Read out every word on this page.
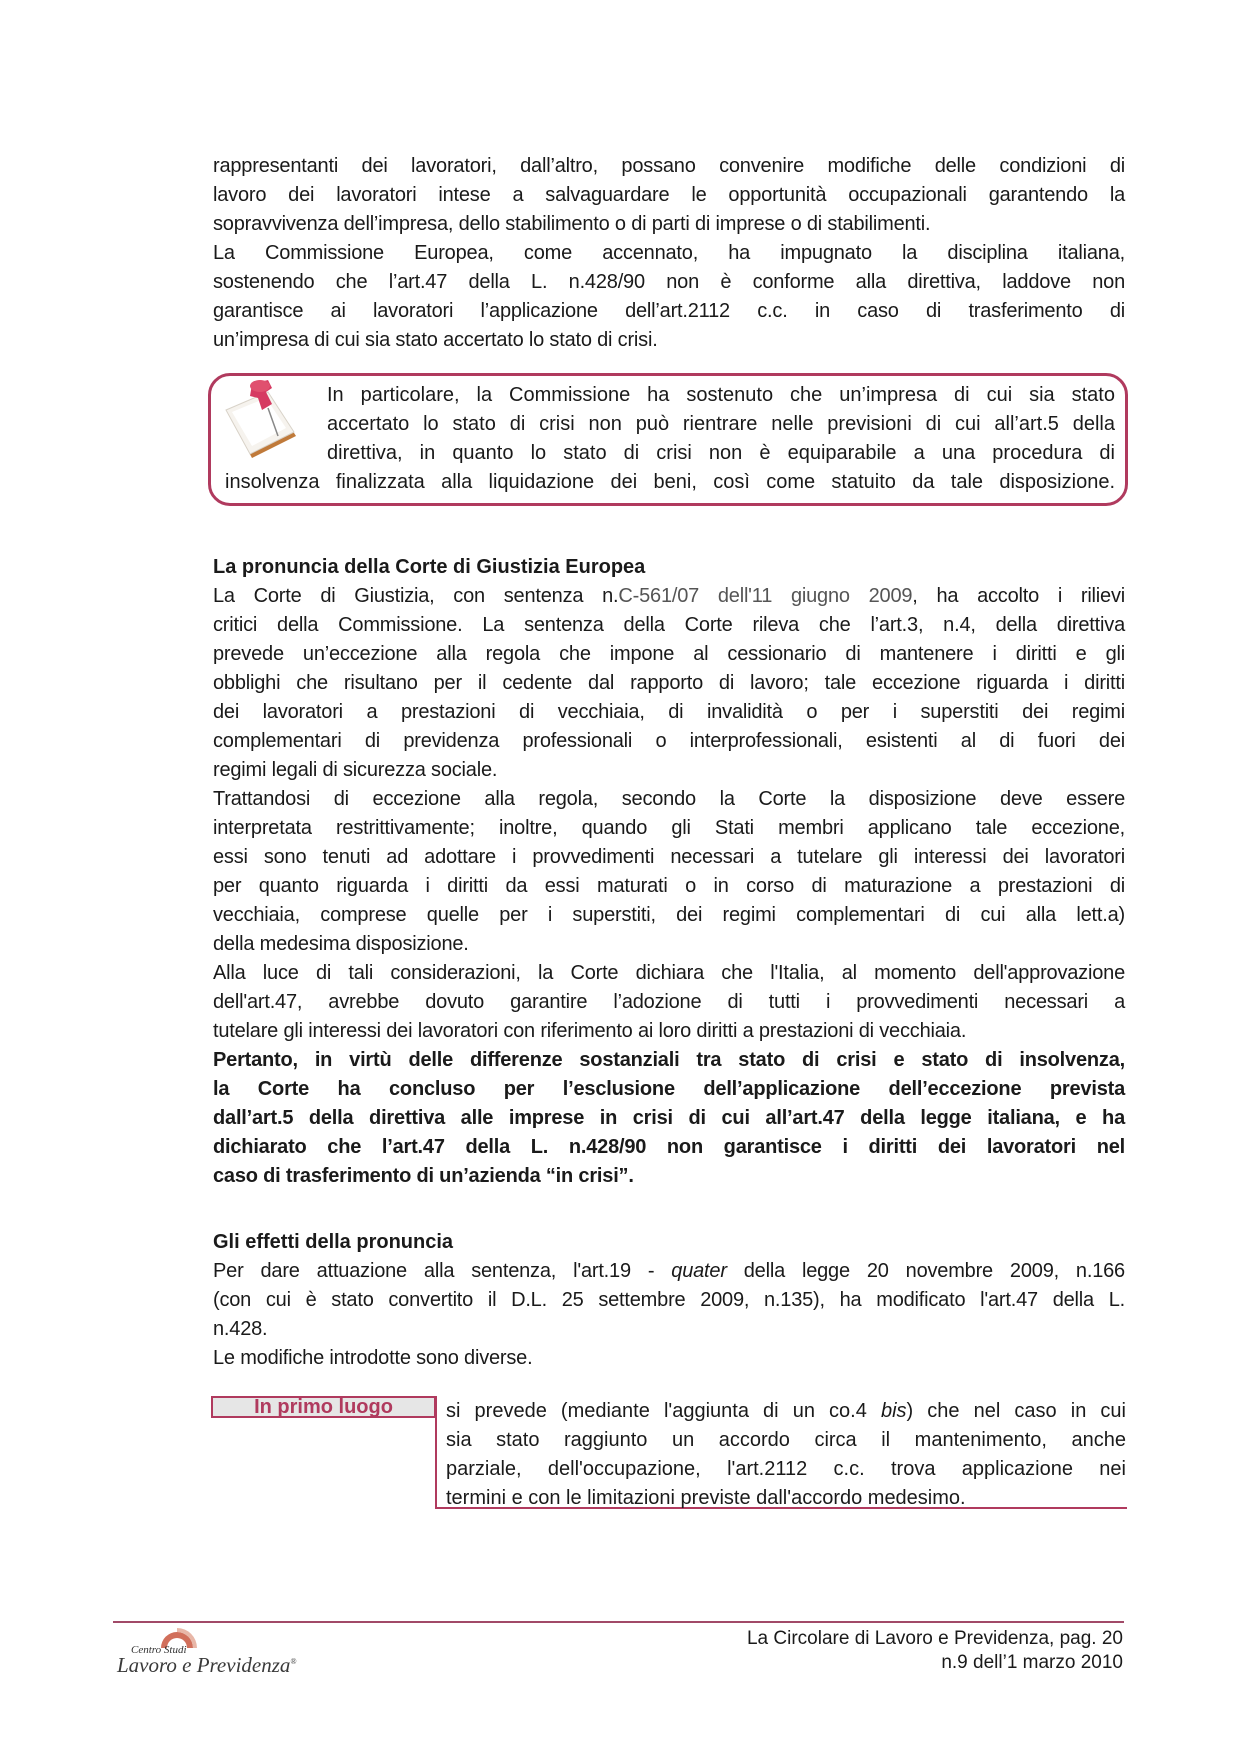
rappresentanti dei lavoratori, dall’altro, possano convenire modifiche delle condizioni di
lavoro dei lavoratori intese a salvaguardare le opportunità occupazionali garantendo la
sopravvivenza dell’impresa, dello stabilimento o di parti di imprese o di stabilimenti.
La Commissione Europea, come accennato, ha impugnato la disciplina italiana,
sostenendo che l’art.47 della L. n.428/90 non è conforme alla direttiva, laddove non
garantisce ai lavoratori l’applicazione dell’art.2112 c.c. in caso di trasferimento di
un’impresa di cui sia stato accertato lo stato di crisi.
In particolare, la Commissione ha sostenuto che un’impresa di cui sia stato
accertato lo stato di crisi non può rientrare nelle previsioni di cui all’art.5 della
direttiva, in quanto lo stato di crisi non è equiparabile a una procedura di
insolvenza finalizzata alla liquidazione dei beni, così come statuito da tale disposizione.
La pronuncia della Corte di Giustizia Europea
La Corte di Giustizia, con sentenza n.C-561/07 dell'11 giugno 2009, ha accolto i rilievi
critici della Commissione. La sentenza della Corte rileva che l’art.3, n.4, della direttiva
prevede un’eccezione alla regola che impone al cessionario di mantenere i diritti e gli
obblighi che risultano per il cedente dal rapporto di lavoro; tale eccezione riguarda i diritti
dei lavoratori a prestazioni di vecchiaia, di invalidità o per i superstiti dei regimi
complementari di previdenza professionali o interprofessionali, esistenti al di fuori dei
regimi legali di sicurezza sociale.
Trattandosi di eccezione alla regola, secondo la Corte la disposizione deve essere
interpretata restrittivamente; inoltre, quando gli Stati membri applicano tale eccezione,
essi sono tenuti ad adottare i provvedimenti necessari a tutelare gli interessi dei lavoratori
per quanto riguarda i diritti da essi maturati o in corso di maturazione a prestazioni di
vecchiaia, comprese quelle per i superstiti, dei regimi complementari di cui alla lett.a)
della medesima disposizione.
Alla luce di tali considerazioni, la Corte dichiara che l'Italia, al momento dell'approvazione
dell'art.47, avrebbe dovuto garantire l’adozione di tutti i provvedimenti necessari a
tutelare gli interessi dei lavoratori con riferimento ai loro diritti a prestazioni di vecchiaia.
Pertanto, in virtù delle differenze sostanziali tra stato di crisi e stato di insolvenza,
la Corte ha concluso per l’esclusione dell’applicazione dell’eccezione prevista
dall’art.5 della direttiva alle imprese in crisi di cui all’art.47 della legge italiana, e ha
dichiarato che l’art.47 della L. n.428/90 non garantisce i diritti dei lavoratori nel
caso di trasferimento di un’azienda “in crisi”.
Gli effetti della pronuncia
Per dare attuazione alla sentenza, l'art.19 - quater della legge 20 novembre 2009, n.166
(con cui è stato convertito il D.L. 25 settembre 2009, n.135), ha modificato l'art.47 della L.
n.428.
Le modifiche introdotte sono diverse.
In primo luogo	si prevede (mediante l'aggiunta di un co.4 bis) che nel caso in cui
sia stato raggiunto un accordo circa il mantenimento, anche
parziale, dell'occupazione, l'art.2112 c.c. trova applicazione nei
termini e con le limitazioni previste dall'accordo medesimo.
Centro Studi
Lavoro e Previdenza®
La Circolare di Lavoro e Previdenza, pag. 20
n.9 dell’1 marzo 2010
